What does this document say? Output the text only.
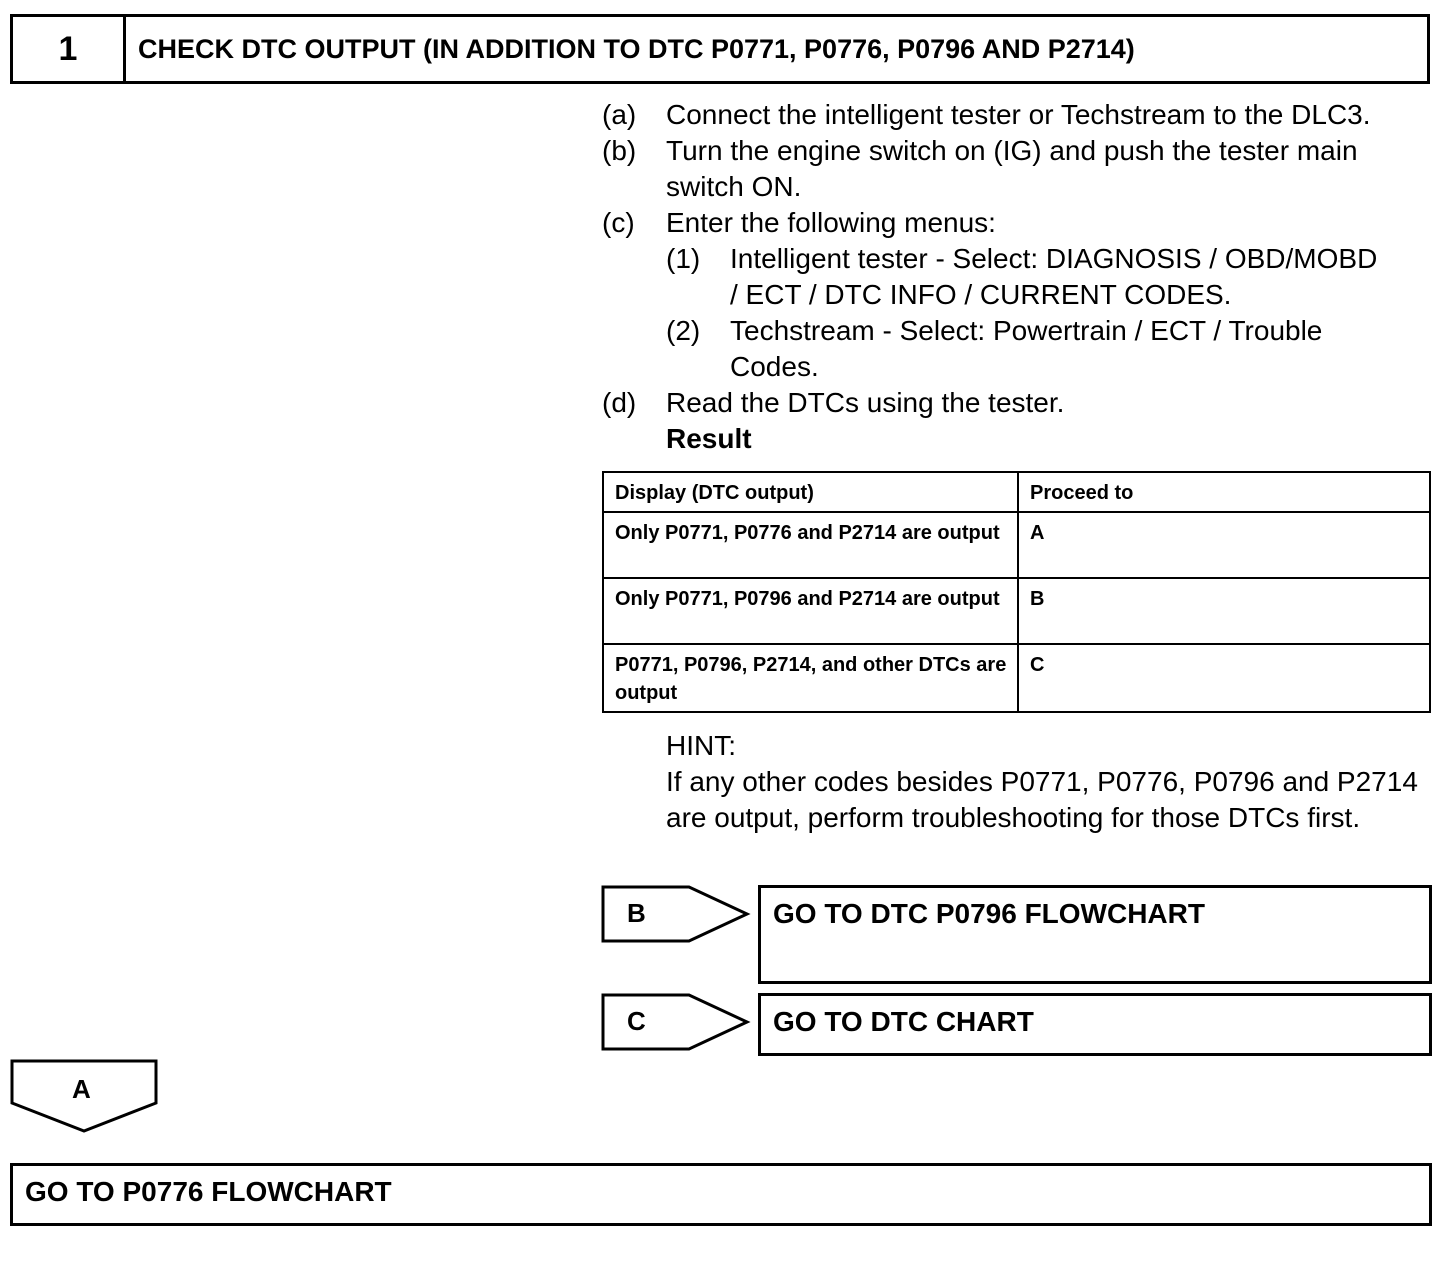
1	CHECK DTC OUTPUT (IN ADDITION TO DTC P0771, P0776, P0796 AND P2714)
(a) Connect the intelligent tester or Techstream to the DLC3.
(b) Turn the engine switch on (IG) and push the tester main
switch ON.
(c) Enter the following menus:
(1) Intelligent tester - Select: DIAGNOSIS / OBD/MOBD
/ ECT / DTC INFO / CURRENT CODES.
(2) Techstream - Select: Powertrain / ECT / Trouble
Codes.
(d) Read the DTCs using the tester.
Result
Display (DTC output)	Proceed to
Only P0771, P0776 and P2714 are output	A
Only P0771, P0796 and P2714 are output	B
P0771, P0796, P2714, and other DTCs are output	C
HINT:
If any other codes besides P0771, P0776, P0796 and P2714 are output, perform troubleshooting for those DTCs first.
B	GO TO DTC P0796 FLOWCHART
C	GO TO DTC CHART
A
GO TO P0776 FLOWCHART
